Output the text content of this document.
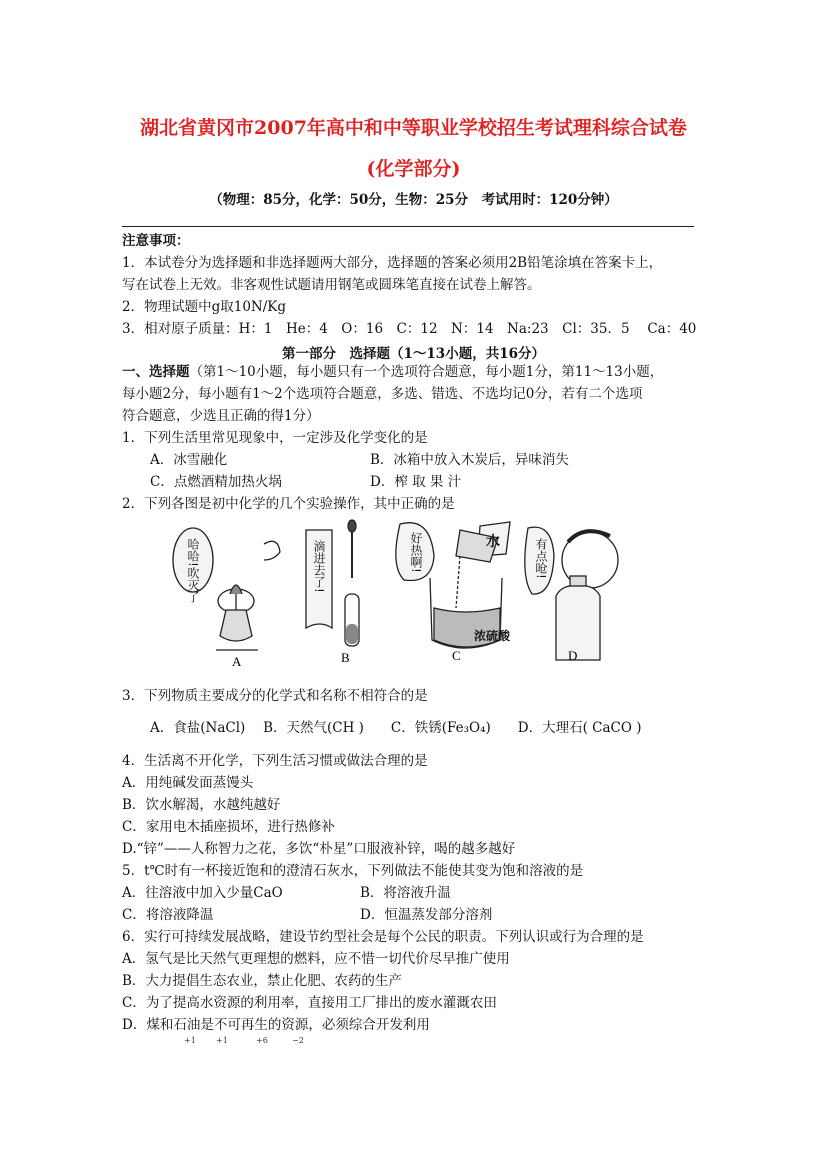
湖北省黄冈市2007年高中和中等职业学校招生考试理科综合试卷
(化学部分)
（物理：85分，化学：50分，生物：25分　考试用时：120分钟）
注意事项：
1．本试卷分为选择题和非选择题两大部分，选择题的答案必须用2B铅笔涂填在答案卡上，
写在试卷上无效。非客观性试题请用钢笔或圆珠笔直接在试卷上解答。
2．物理试题中g取10N/Kg
3．相对原子质量：H：1　He：4　O：16　C：12　N：14　Na:23　Cl：35．5　 Ca：40
第一部分　选择题（1～13小题，共16分）
一、选择题（第1～10小题，每小题只有一个选项符合题意，每小题1分，第11～13小题，
每小题2分，每小题有1～2个选项符合题意，多选、错选、不选均记0分，若有二个选项
符合题意，少选且正确的得1分）
1．下列生活里常见现象中，一定涉及化学变化的是
A．冰雪融化	B．冰箱中放入木炭后，异味消失
C．点燃酒精加热火埚	D．榨 取 果 汁
2．下列各图是初中化学的几个实验操作，其中正确的是
哈哈!吹灭了	滴进去了!	好热啊!	有点呛!
水
浓硫酸
A	B	C	D
3．下列物质主要成分的化学式和名称不相符合的是
A．食盐(NaCl)　 B．天然气(CH )　　C．铁锈(Fe₃O₄)　　D．大理石( CaCO )
4．生活离不开化学，下列生活习惯或做法合理的是
A．用纯碱发面蒸馒头
B．饮水解渴，水越纯越好
C．家用电木插座损坏，进行热修补
D.“锌”——人称智力之花，多饮“朴星”口服液补锌，喝的越多越好
5．t℃时有一杯接近饱和的澄清石灰水，下列做法不能使其变为饱和溶液的是
A．往溶液中加入少量CaO	B．将溶液升温
C．将溶液降温	D．恒温蒸发部分溶剂
6．实行可持续发展战略，建设节约型社会是每个公民的职责。下列认识或行为合理的是
A．氢气是比天然气更理想的燃料，应不惜一切代价尽早推广使用
B．大力提倡生态农业，禁止化肥、农药的生产
C．为了提高水资源的利用率，直接用工厂排出的废水灌溉农田
D．煤和石油是不可再生的资源，必须综合开发利用
+1	+1	+6	−2
